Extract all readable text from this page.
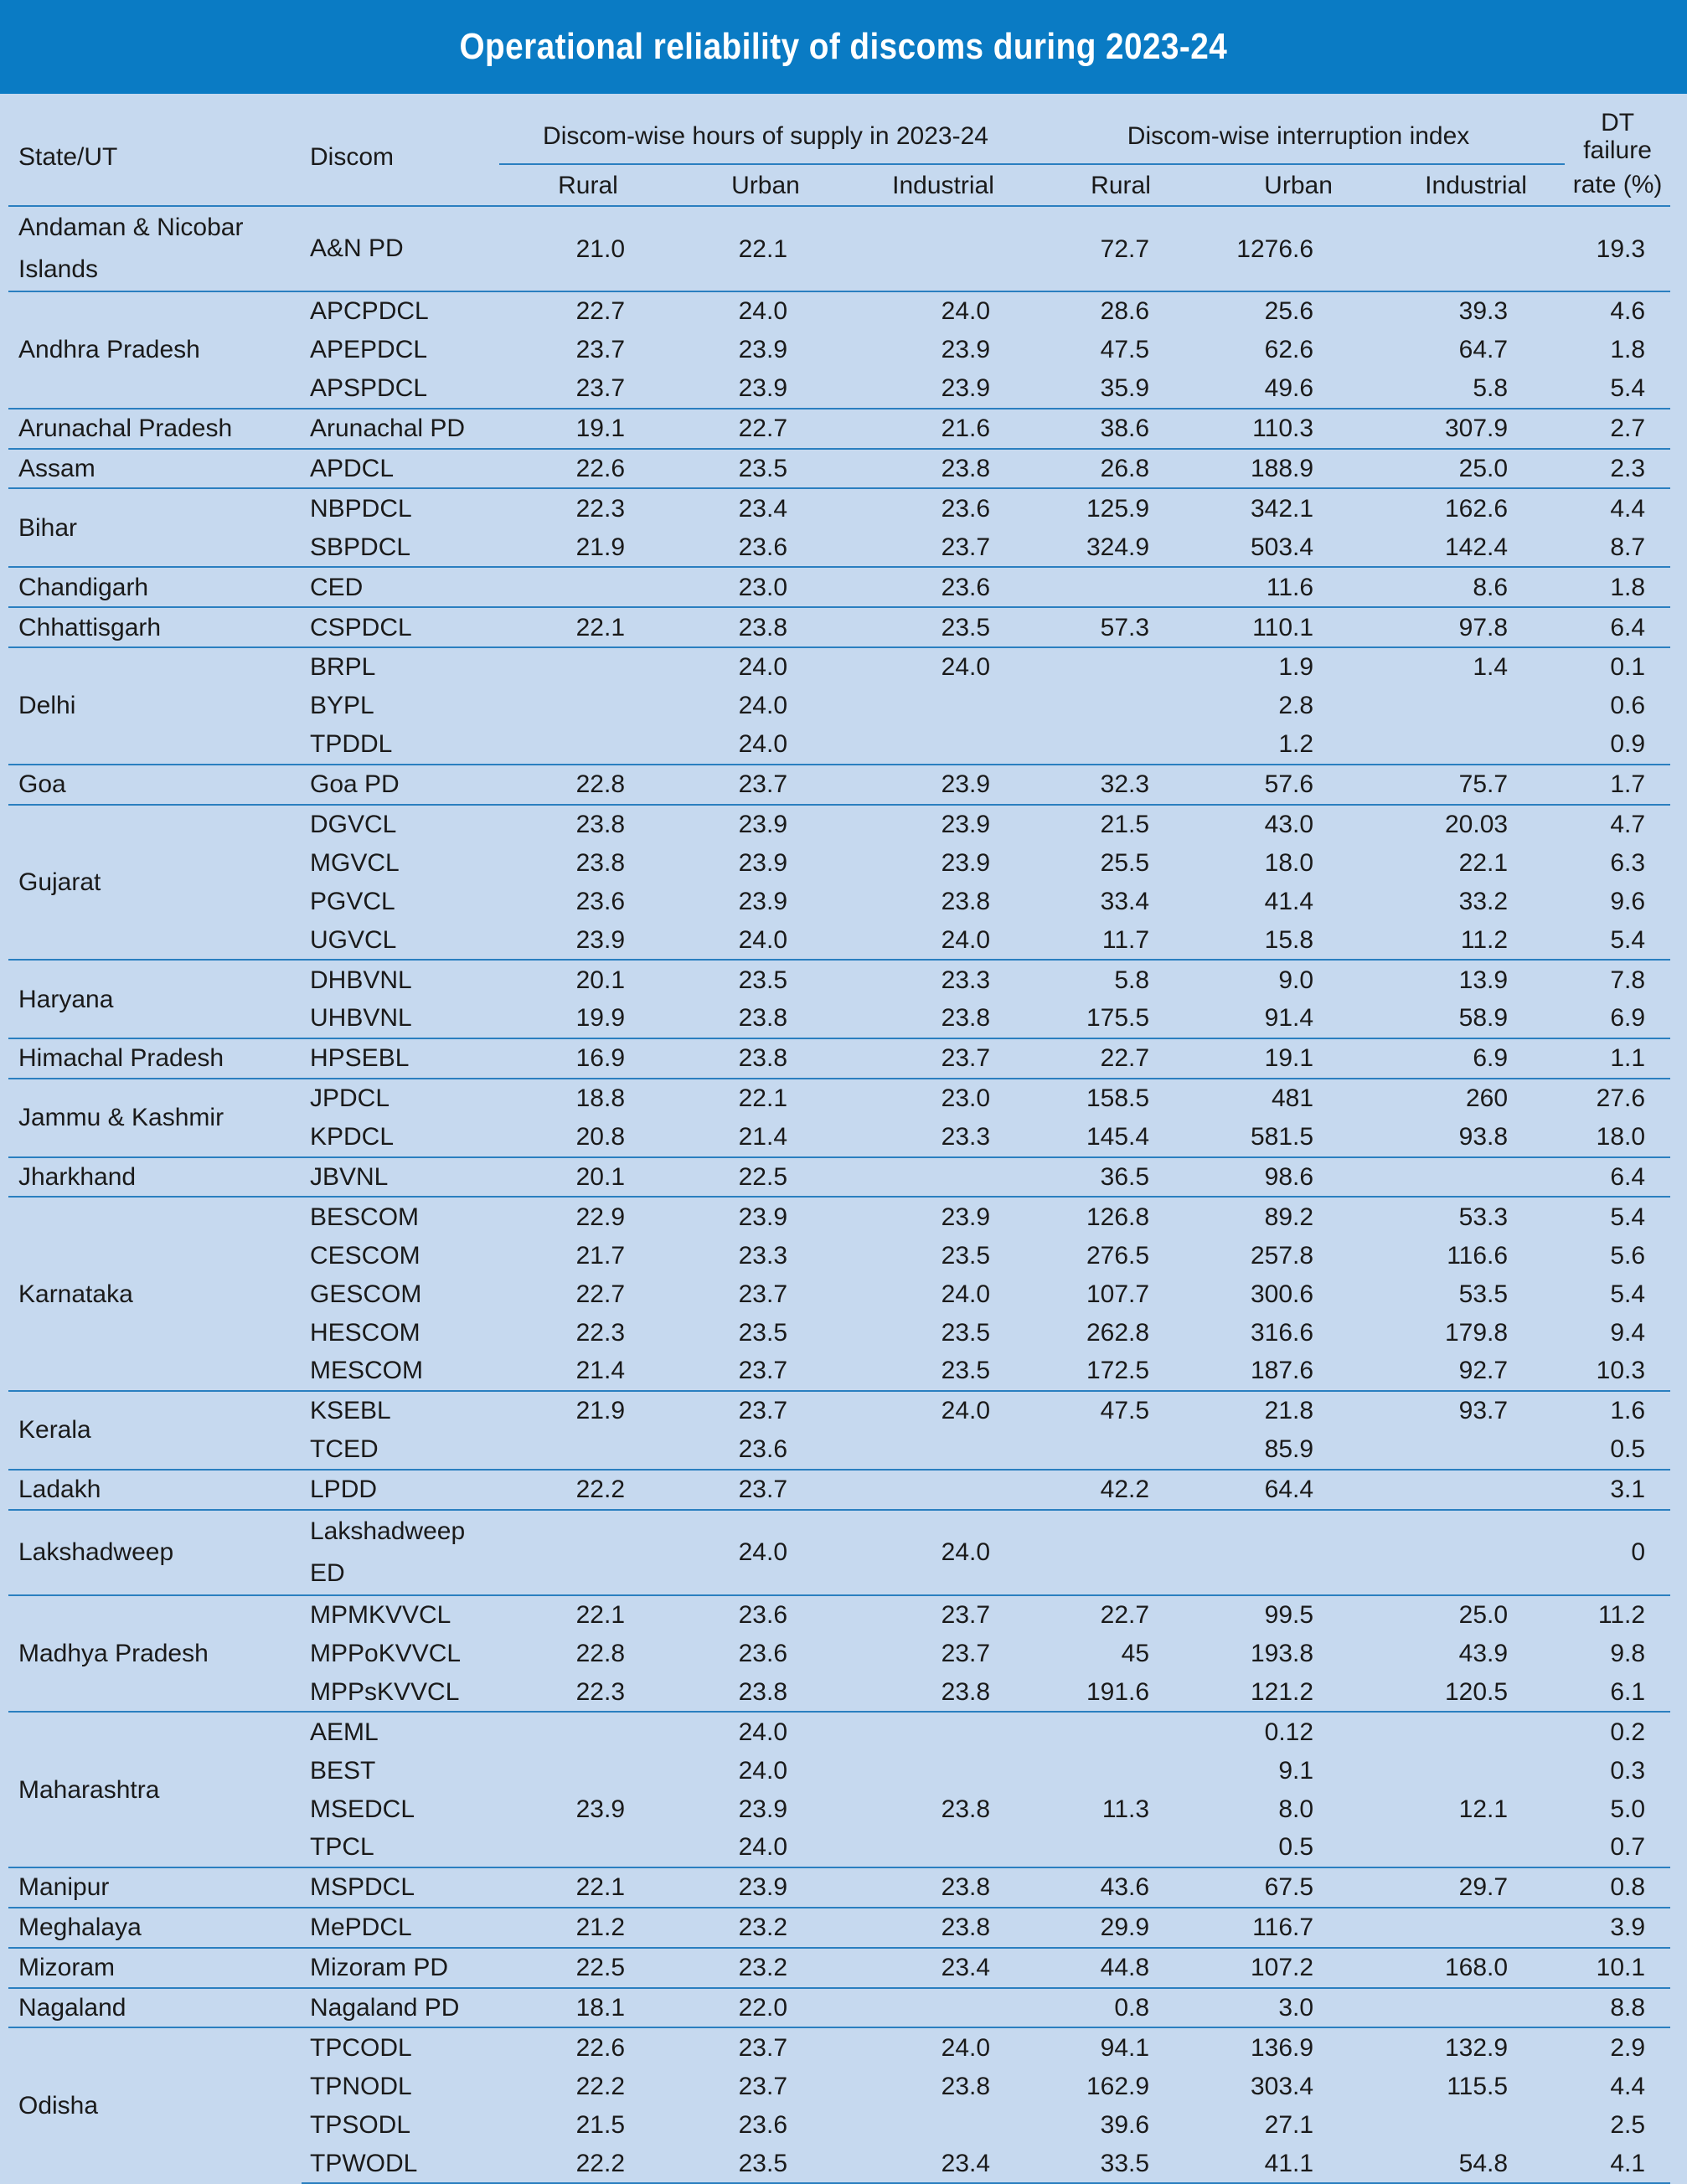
Operational reliability of discoms during 2023-24
State/UT	Discom	Discom-wise hours of supply in 2023-24			Discom-wise interruption index			DT failure
		Rural	Urban	Industrial	Rural	Urban	Industrial	rate (%)

Andaman & Nicobar Islands	A&N PD	21.0	22.1		72.7	1276.6		19.3
Andhra Pradesh	APCPDCL	22.7	24.0	24.0	28.6	25.6	39.3	4.6
	APEPDCL	23.7	23.9	23.9	47.5	62.6	64.7	1.8
	APSPDCL	23.7	23.9	23.9	35.9	49.6	5.8	5.4
Arunachal Pradesh	Arunachal PD	19.1	22.7	21.6	38.6	110.3	307.9	2.7
Assam	APDCL	22.6	23.5	23.8	26.8	188.9	25.0	2.3
Bihar	NBPDCL	22.3	23.4	23.6	125.9	342.1	162.6	4.4
	SBPDCL	21.9	23.6	23.7	324.9	503.4	142.4	8.7
Chandigarh	CED		23.0	23.6		11.6	8.6	1.8
Chhattisgarh	CSPDCL	22.1	23.8	23.5	57.3	110.1	97.8	6.4
Delhi	BRPL		24.0	24.0		1.9	1.4	0.1
	BYPL		24.0			2.8		0.6
	TPDDL		24.0			1.2		0.9
Goa	Goa PD	22.8	23.7	23.9	32.3	57.6	75.7	1.7
Gujarat	DGVCL	23.8	23.9	23.9	21.5	43.0	20.03	4.7
	MGVCL	23.8	23.9	23.9	25.5	18.0	22.1	6.3
	PGVCL	23.6	23.9	23.8	33.4	41.4	33.2	9.6
	UGVCL	23.9	24.0	24.0	11.7	15.8	11.2	5.4
Haryana	DHBVNL	20.1	23.5	23.3	5.8	9.0	13.9	7.8
	UHBVNL	19.9	23.8	23.8	175.5	91.4	58.9	6.9
Himachal Pradesh	HPSEBL	16.9	23.8	23.7	22.7	19.1	6.9	1.1
Jammu & Kashmir	JPDCL	18.8	22.1	23.0	158.5	481	260	27.6
	KPDCL	20.8	21.4	23.3	145.4	581.5	93.8	18.0
Jharkhand	JBVNL	20.1	22.5		36.5	98.6		6.4
Karnataka	BESCOM	22.9	23.9	23.9	126.8	89.2	53.3	5.4
	CESCOM	21.7	23.3	23.5	276.5	257.8	116.6	5.6
	GESCOM	22.7	23.7	24.0	107.7	300.6	53.5	5.4
	HESCOM	22.3	23.5	23.5	262.8	316.6	179.8	9.4
	MESCOM	21.4	23.7	23.5	172.5	187.6	92.7	10.3
Kerala	KSEBL	21.9	23.7	24.0	47.5	21.8	93.7	1.6
	TCED		23.6			85.9		0.5
Ladakh	LPDD	22.2	23.7		42.2	64.4		3.1

Lakshadweep	Lakshadweep ED		24.0	24.0				0
Madhya Pradesh	MPMKVVCL	22.1	23.6	23.7	22.7	99.5	25.0	11.2
	MPPoKVVCL	22.8	23.6	23.7	45	193.8	43.9	9.8
	MPPsKVVCL	22.3	23.8	23.8	191.6	121.2	120.5	6.1
Maharashtra	AEML		24.0			0.12		0.2
	BEST		24.0			9.1		0.3
	MSEDCL	23.9	23.9	23.8	11.3	8.0	12.1	5.0
	TPCL		24.0			0.5		0.7
Manipur	MSPDCL	22.1	23.9	23.8	43.6	67.5	29.7	0.8
Meghalaya	MePDCL	21.2	23.2	23.8	29.9	116.7		3.9
Mizoram	Mizoram PD	22.5	23.2	23.4	44.8	107.2	168.0	10.1
Nagaland	Nagaland PD	18.1	22.0		0.8	3.0		8.8
Odisha	TPCODL	22.6	23.7	24.0	94.1	136.9	132.9	2.9
	TPNODL	22.2	23.7	23.8	162.9	303.4	115.5	4.4
	TPSODL	21.5	23.6		39.6	27.1		2.5
	TPWODL	22.2	23.5	23.4	33.5	41.1	54.8	4.1
